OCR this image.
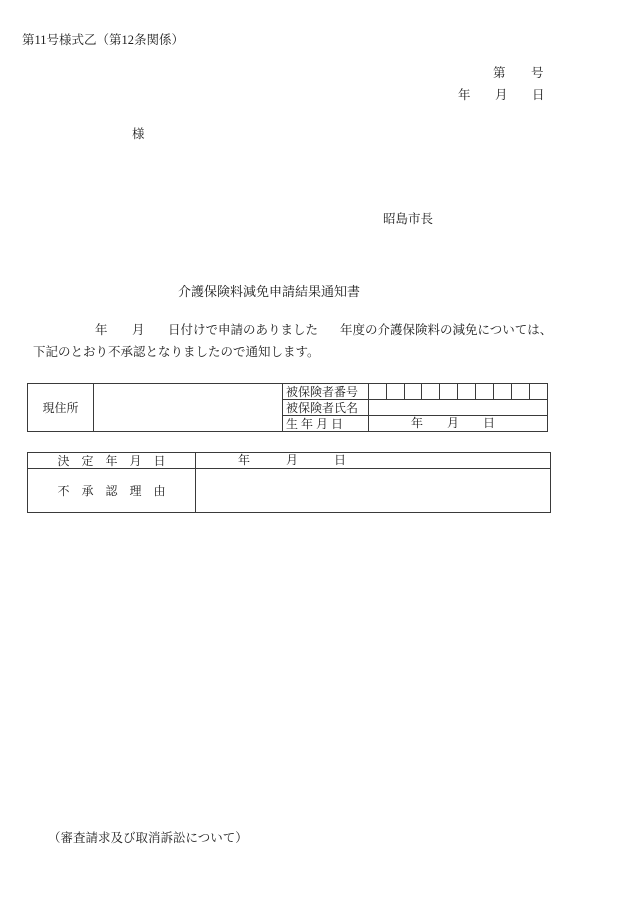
第11号様式乙（第12条関係）
第 号
年 月 日
様
昭島市長
介護保険料減免申請結果通知書
年 月 日付けで申請のありました 年度の介護保険料の減免については、
下記のとおり不承認となりましたので通知します。
現住所		被保険者番号										
		被保険者氏名										
		生 年 月 日	年 月 日									
決　定　年　月　日	年 月 日

不　承　認　理　由	
（審査請求及び取消訴訟について）
